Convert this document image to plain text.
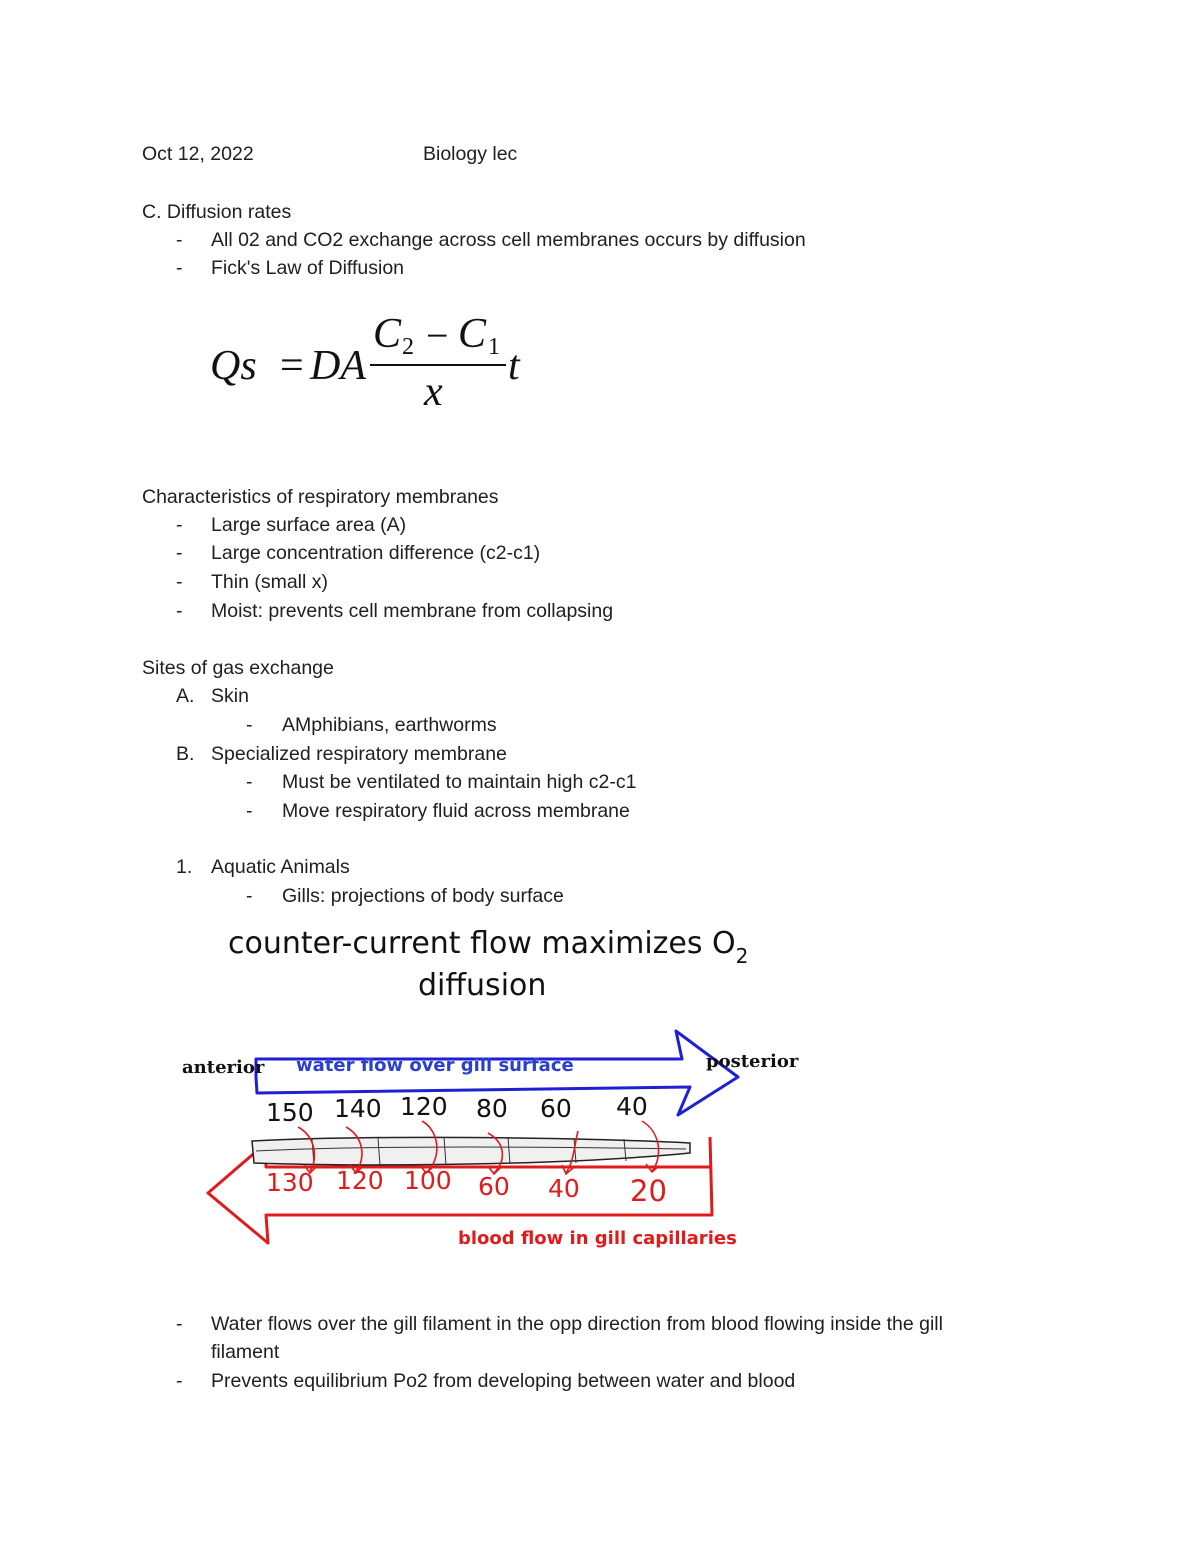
Oct 12, 2022	Biology lec
C. Diffusion rates
- All 02 and CO2 exchange across cell membranes occurs by diffusion
- Fick's Law of Diffusion
Qs = DA
C 2 − C 1
x
t
Characteristics of respiratory membranes
- Large surface area (A)
- Large concentration difference (c2-c1)
- Thin (small x)
- Moist: prevents cell membrane from collapsing
Sites of gas exchange
A. Skin
- AMphibians, earthworms
B. Specialized respiratory membrane
- Must be ventilated to maintain high c2-c1
- Move respiratory fluid across membrane
1. Aquatic Animals
- Gills: projections of body surface
counter-current flow maximizes $O_2$
diffusion
anterior	posterior
water flow over gill surface
blood flow in gill capillaries
150 140 120 80 60 40
130 120 100 60 40 20
- Water flows over the gill filament in the opp direction from blood flowing inside the gill
filament
- Prevents equilibrium Po2 from developing between water and blood
